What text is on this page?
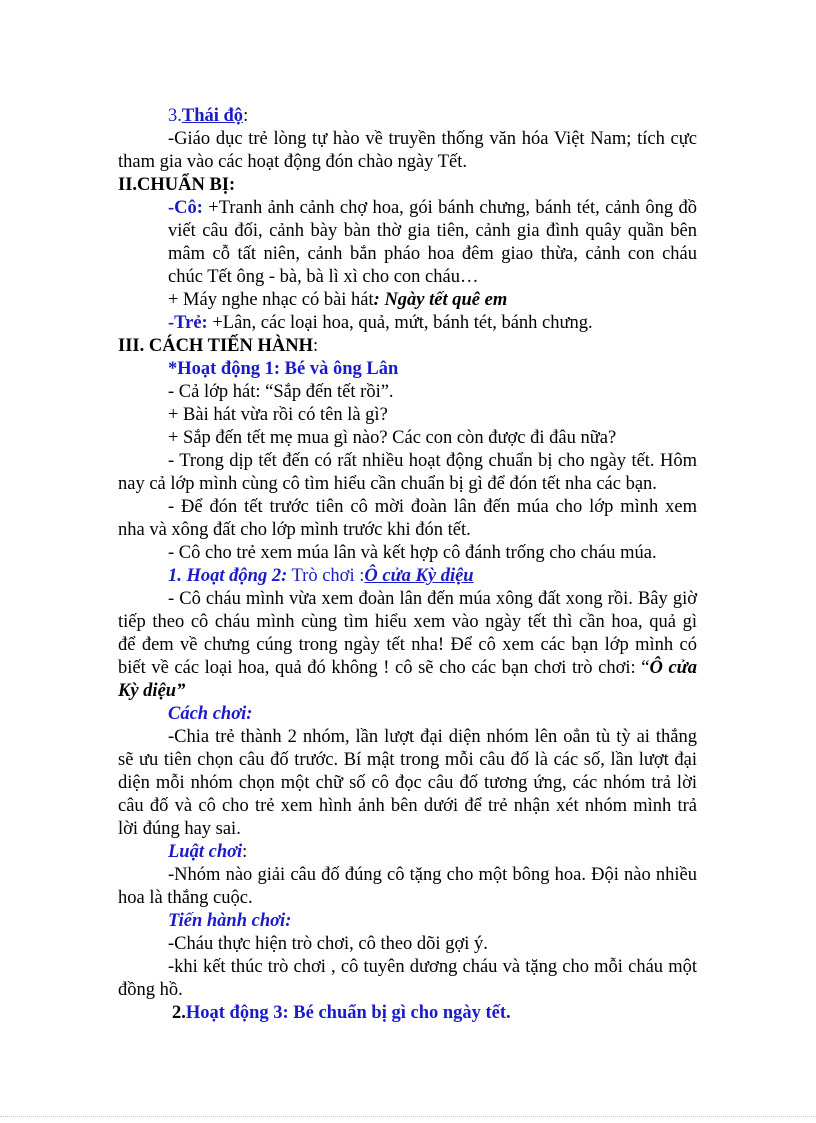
3.Thái độ:
-Giáo dục trẻ lòng tự hào về truyền thống văn hóa Việt Nam; tích cực
tham gia vào các hoạt động đón chào ngày Tết.
II.CHUẨN BỊ:
-Cô: +Tranh ảnh cảnh chợ hoa, gói bánh chưng, bánh tét, cảnh ông đồ
viết câu đối, cảnh bày bàn thờ gia tiên, cảnh gia đình quây quần bên
mâm cỗ tất niên, cảnh bắn pháo hoa đêm giao thừa, cảnh con cháu
chúc Tết ông - bà, bà lì xì cho con cháu…
+ Máy nghe nhạc có bài hát: Ngày tết quê em
-Trẻ: +Lân, các loại hoa, quả, mứt, bánh tét, bánh chưng.
III. CÁCH TIẾN HÀNH:
*Hoạt động 1: Bé và ông Lân
- Cả lớp hát: “Sắp đến tết rồi”.
+ Bài hát vừa rồi có tên là gì?
+ Sắp đến tết mẹ mua gì nào? Các con còn được đi đâu nữa?
- Trong dịp tết đến có rất nhiều hoạt động chuẩn bị cho ngày tết. Hôm
nay cả lớp mình cùng cô tìm hiểu cần chuẩn bị gì để đón tết nha các bạn.
- Để đón tết trước tiên cô mời đoàn lân đến múa cho lớp mình xem
nha và xông đất cho lớp mình trước khi đón tết.
- Cô cho trẻ xem múa lân và kết hợp cô đánh trống cho cháu múa.
1. Hoạt động 2: Trò chơi :Ô cửa Kỳ diệu
- Cô cháu mình vừa xem đoàn lân đến múa xông đất xong rồi. Bây giờ
tiếp theo cô cháu mình cùng tìm hiểu xem vào ngày tết thì cần hoa, quả gì
để đem về chưng cúng trong ngày tết nha! Để cô xem các bạn lớp mình có
biết về các loại hoa, quả đó không ! cô sẽ cho các bạn chơi trò chơi: “Ô cửa
Kỳ diệu”
Cách chơi:
-Chia trẻ thành 2 nhóm, lần lượt đại diện nhóm lên oẳn tù tỳ ai thắng
sẽ ưu tiên chọn câu đố trước. Bí mật trong mỗi câu đố là các số, lần lượt đại
diện mỗi nhóm chọn một chữ số cô đọc câu đố tương ứng, các nhóm trả lời
câu đố và cô cho trẻ xem hình ảnh bên dưới để trẻ nhận xét nhóm mình trả
lời đúng hay sai.
Luật chơi:
-Nhóm nào giải câu đố đúng cô tặng cho một bông hoa. Đội nào nhiều
hoa là thắng cuộc.
Tiến hành chơi:
-Cháu thực hiện trò chơi, cô theo dõi gợi ý.
-khi kết thúc trò chơi , cô tuyên dương cháu và tặng cho mỗi cháu một
đồng hồ.
2.Hoạt động 3: Bé chuẩn bị gì cho ngày tết.
